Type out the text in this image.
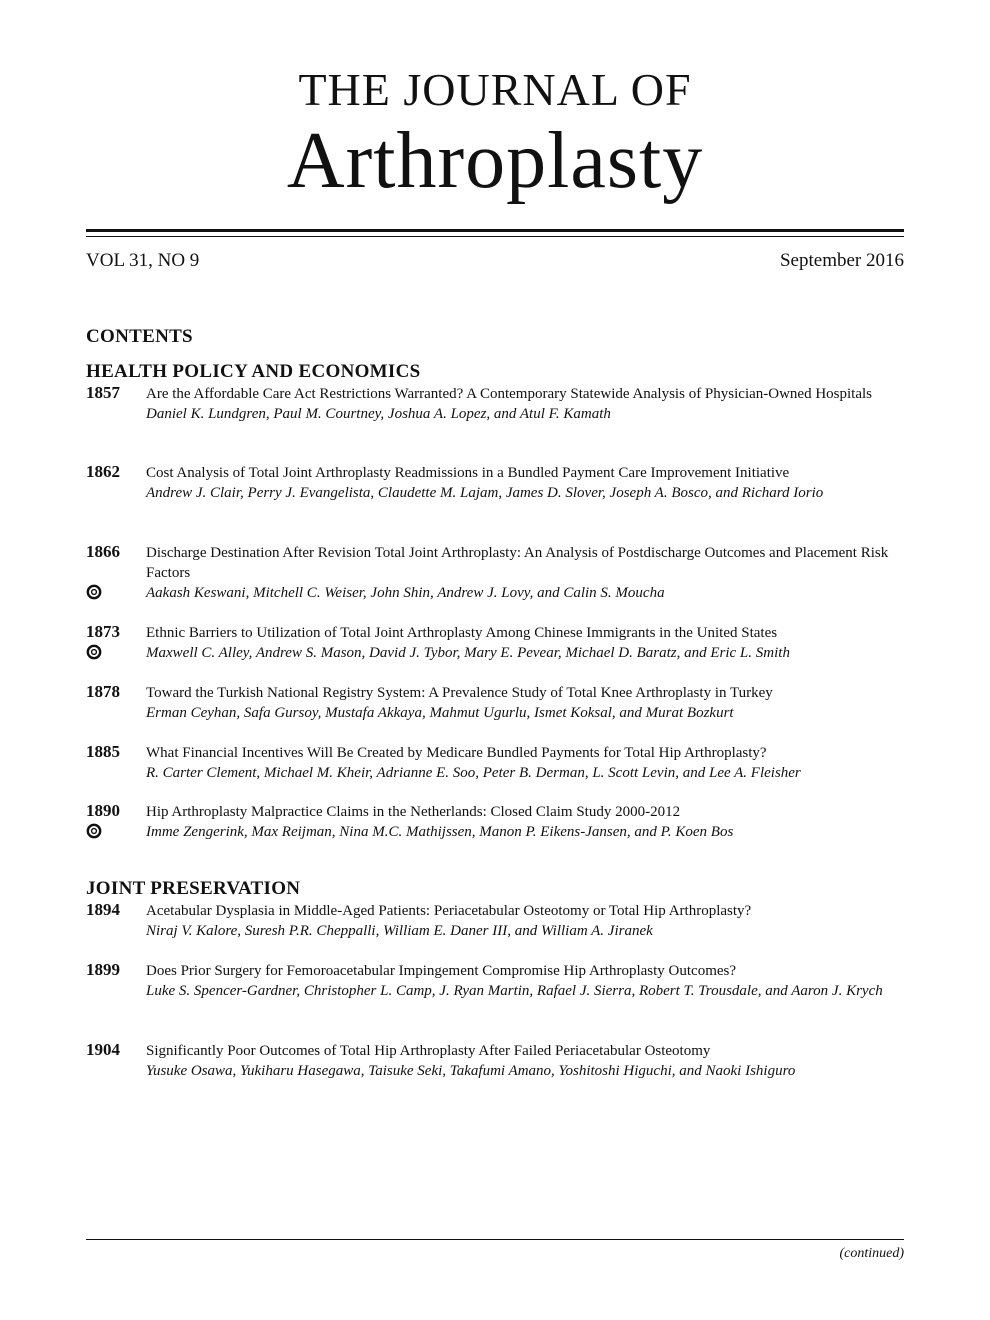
THE JOURNAL OF
Arthroplasty
VOL 31, NO 9	September 2016
CONTENTS
HEALTH POLICY AND ECONOMICS
1857 Are the Affordable Care Act Restrictions Warranted? A Contemporary Statewide Analysis of Physician-Owned Hospitals
Daniel K. Lundgren, Paul M. Courtney, Joshua A. Lopez, and Atul F. Kamath
1862 Cost Analysis of Total Joint Arthroplasty Readmissions in a Bundled Payment Care Improvement Initiative
Andrew J. Clair, Perry J. Evangelista, Claudette M. Lajam, James D. Slover, Joseph A. Bosco, and Richard Iorio
1866 Discharge Destination After Revision Total Joint Arthroplasty: An Analysis of Postdischarge Outcomes and Placement Risk Factors
Aakash Keswani, Mitchell C. Weiser, John Shin, Andrew J. Lovy, and Calin S. Moucha
1873 Ethnic Barriers to Utilization of Total Joint Arthroplasty Among Chinese Immigrants in the United States
Maxwell C. Alley, Andrew S. Mason, David J. Tybor, Mary E. Pevear, Michael D. Baratz, and Eric L. Smith
1878 Toward the Turkish National Registry System: A Prevalence Study of Total Knee Arthroplasty in Turkey
Erman Ceyhan, Safa Gursoy, Mustafa Akkaya, Mahmut Ugurlu, Ismet Koksal, and Murat Bozkurt
1885 What Financial Incentives Will Be Created by Medicare Bundled Payments for Total Hip Arthroplasty?
R. Carter Clement, Michael M. Kheir, Adrianne E. Soo, Peter B. Derman, L. Scott Levin, and Lee A. Fleisher
1890 Hip Arthroplasty Malpractice Claims in the Netherlands: Closed Claim Study 2000-2012
Imme Zengerink, Max Reijman, Nina M.C. Mathijssen, Manon P. Eikens-Jansen, and P. Koen Bos
JOINT PRESERVATION
1894 Acetabular Dysplasia in Middle-Aged Patients: Periacetabular Osteotomy or Total Hip Arthroplasty?
Niraj V. Kalore, Suresh P.R. Cheppalli, William E. Daner III, and William A. Jiranek
1899 Does Prior Surgery for Femoroacetabular Impingement Compromise Hip Arthroplasty Outcomes?
Luke S. Spencer-Gardner, Christopher L. Camp, J. Ryan Martin, Rafael J. Sierra, Robert T. Trousdale, and Aaron J. Krych
1904 Significantly Poor Outcomes of Total Hip Arthroplasty After Failed Periacetabular Osteotomy
Yusuke Osawa, Yukiharu Hasegawa, Taisuke Seki, Takafumi Amano, Yoshitoshi Higuchi, and Naoki Ishiguro
(continued)
